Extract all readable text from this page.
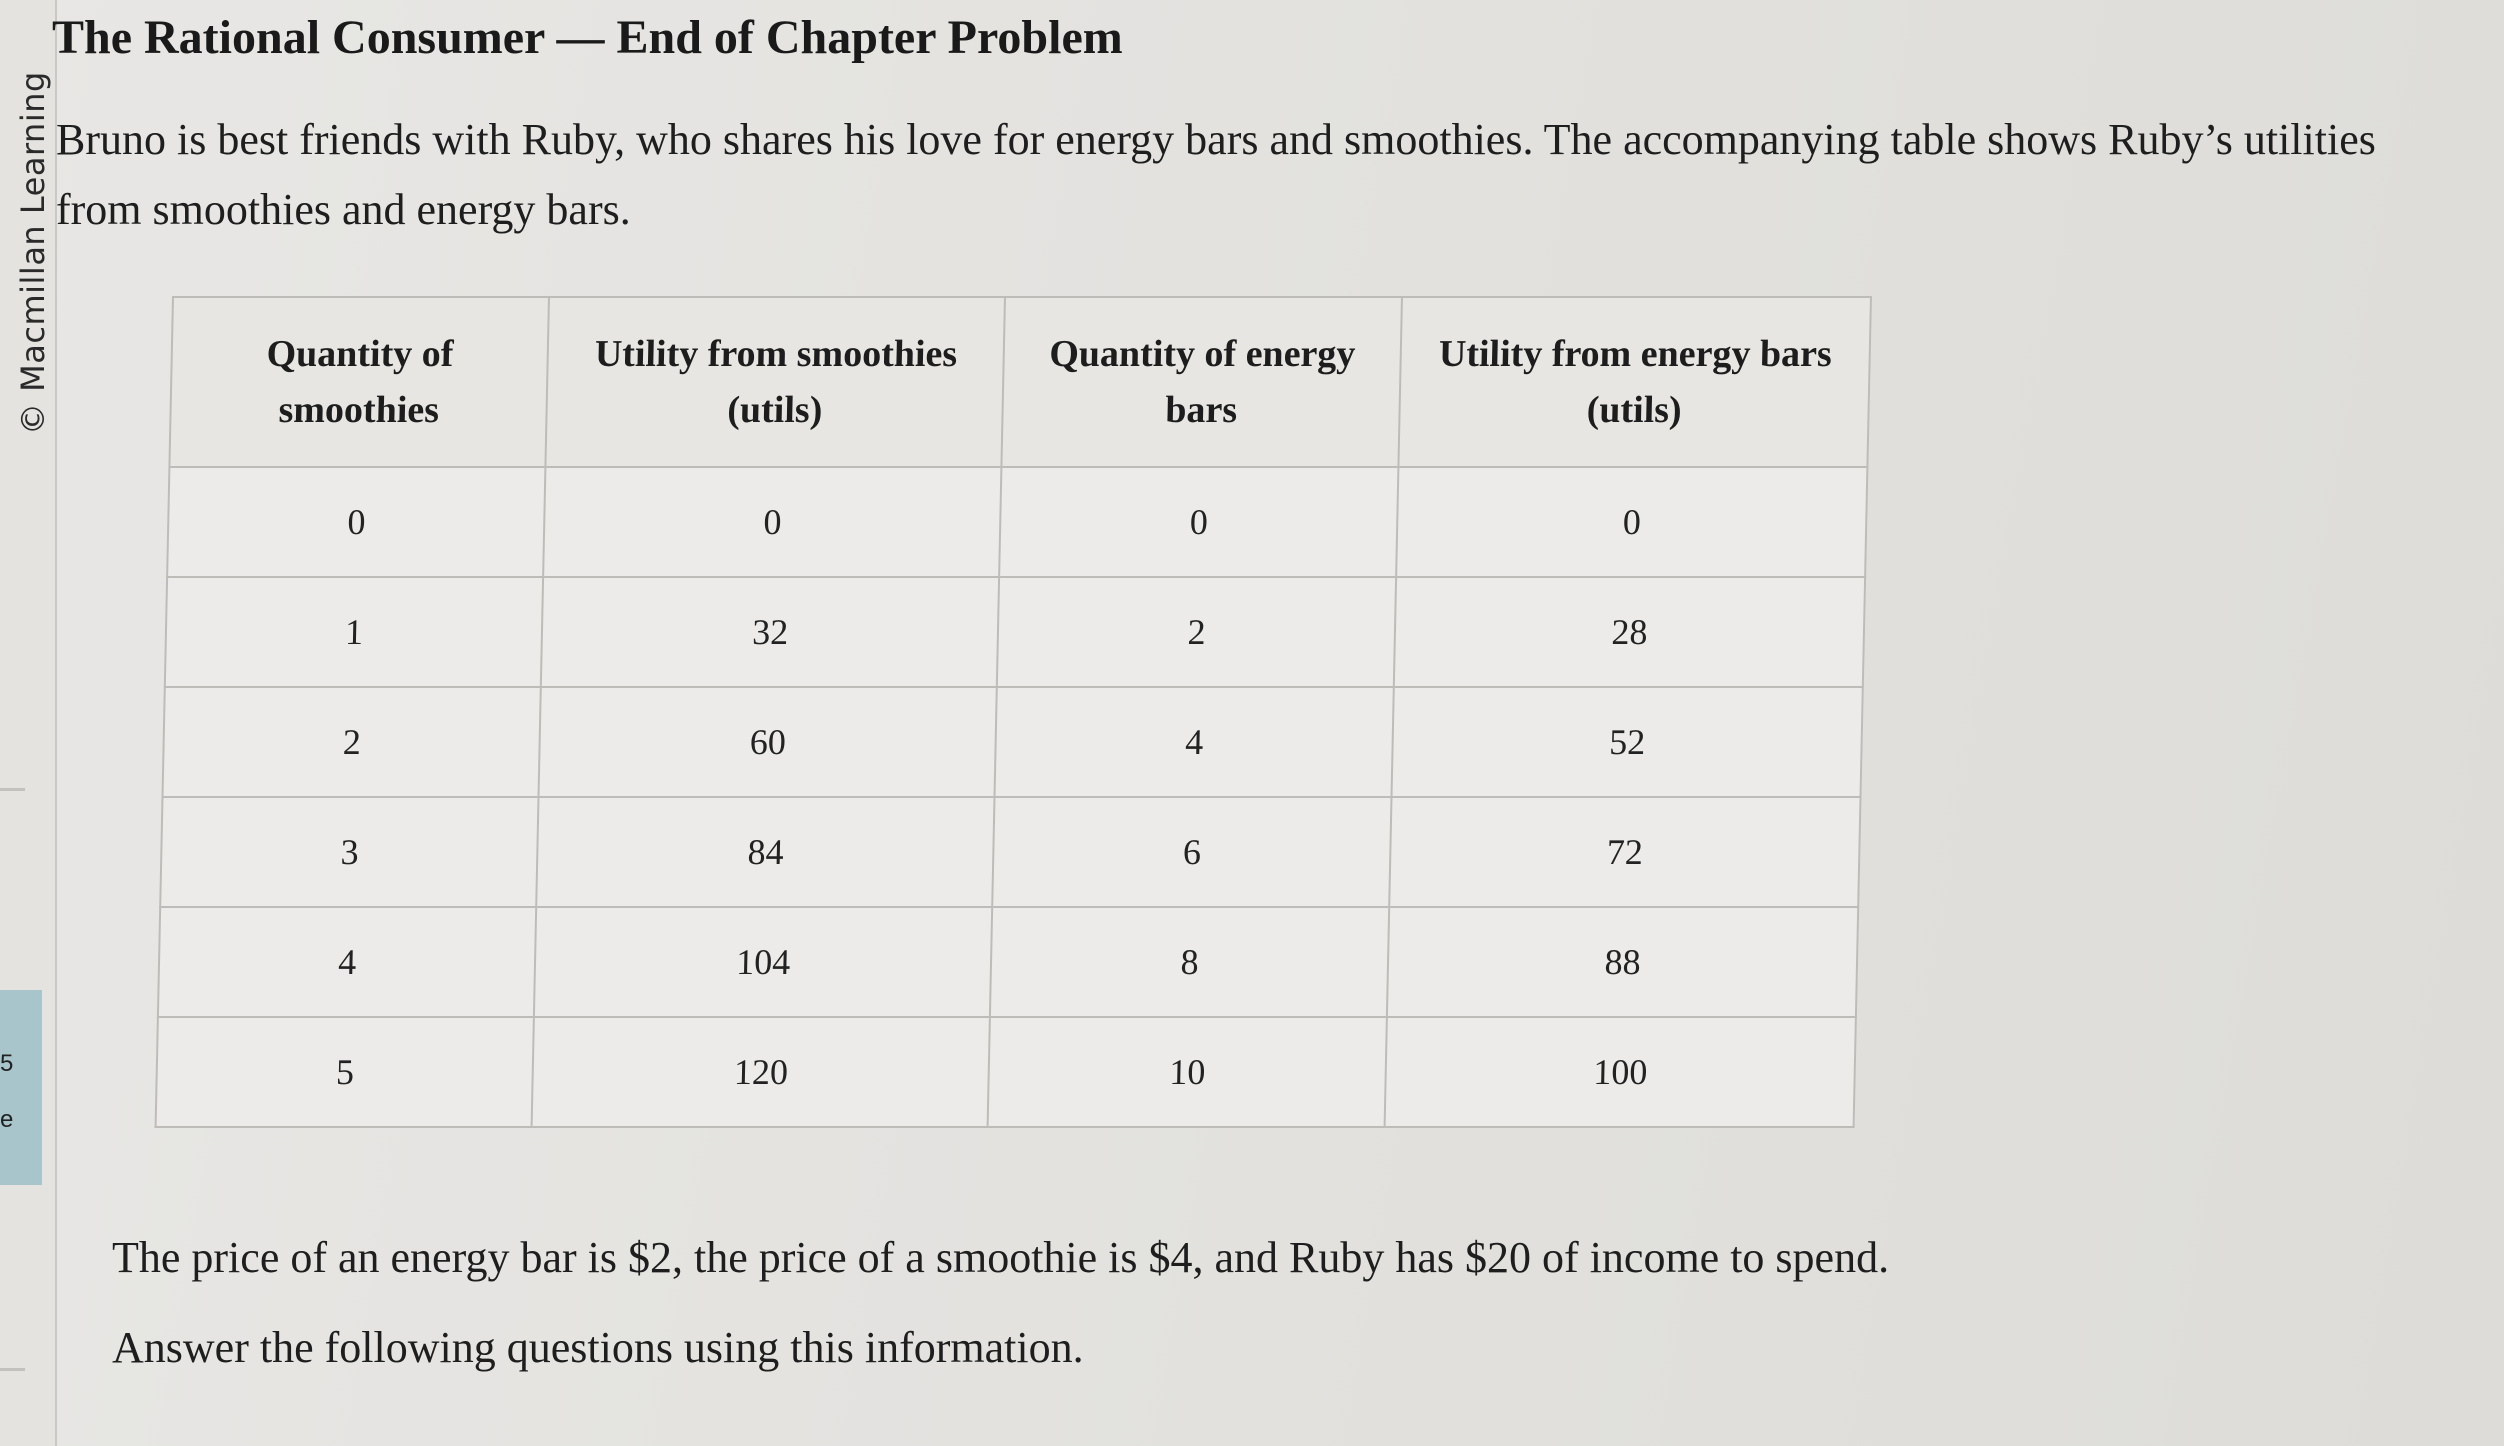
5
e
© Macmillan Learning
The Rational Consumer — End of Chapter Problem
Bruno is best friends with Ruby, who shares his love for energy bars and smoothies. The accompanying table shows Ruby’s utilities from smoothies and energy bars.
Quantity of smoothies	Utility from smoothies (utils)	Quantity of energy bars	Utility from energy bars (utils)
0	0	0	0
1	32	2	28
2	60	4	52
3	84	6	72
4	104	8	88
5	120	10	100
The price of an energy bar is $2, the price of a smoothie is $4, and Ruby has $20 of income to spend.
Answer the following questions using this information.
